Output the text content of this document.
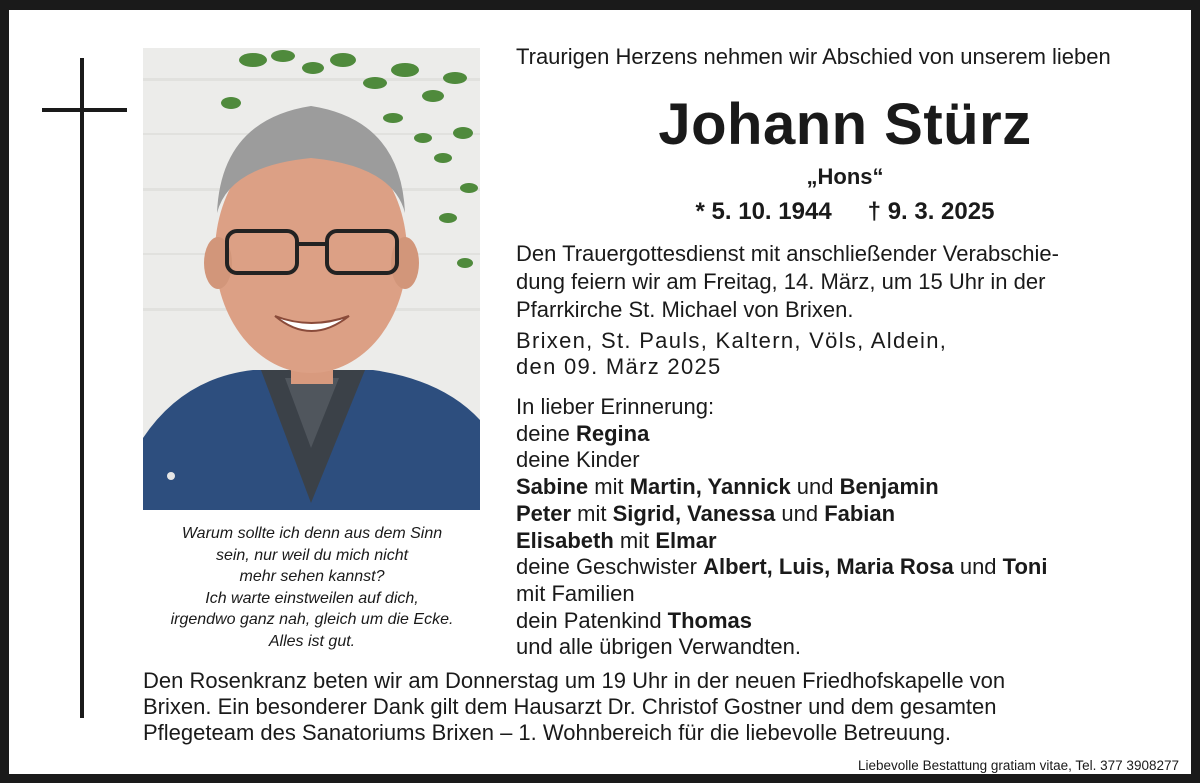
Warum sollte ich denn aus dem Sinn
sein, nur weil du mich nicht
mehr sehen kannst?
Ich warte einstweilen auf dich,
irgendwo ganz nah, gleich um die Ecke.
Alles ist gut.
Traurigen Herzens nehmen wir Abschied von unserem lieben
Johann Stürz
„Hons“
* 5. 10. 1944 † 9. 3. 2025
Den Trauergottesdienst mit anschließender Verabschie-
dung feiern wir am Freitag, 14. März, um 15 Uhr in der
Pfarrkirche St. Michael von Brixen.
Brixen, St. Pauls, Kaltern, Völs, Aldein,
den 09. März 2025
In lieber Erinnerung:
deine Regina
deine Kinder
Sabine mit Martin, Yannick und Benjamin
Peter mit Sigrid, Vanessa und Fabian
Elisabeth mit Elmar
deine Geschwister Albert, Luis, Maria Rosa und Toni
mit Familien
dein Patenkind Thomas
und alle übrigen Verwandten.
Den Rosenkranz beten wir am Donnerstag um 19 Uhr in der neuen Friedhofskapelle von
Brixen. Ein besonderer Dank gilt dem Hausarzt Dr. Christof Gostner und dem gesamten
Pflegeteam des Sanatoriums Brixen – 1. Wohnbereich für die liebevolle Betreuung.
Liebevolle Bestattung gratiam vitae, Tel. 377 3908277
